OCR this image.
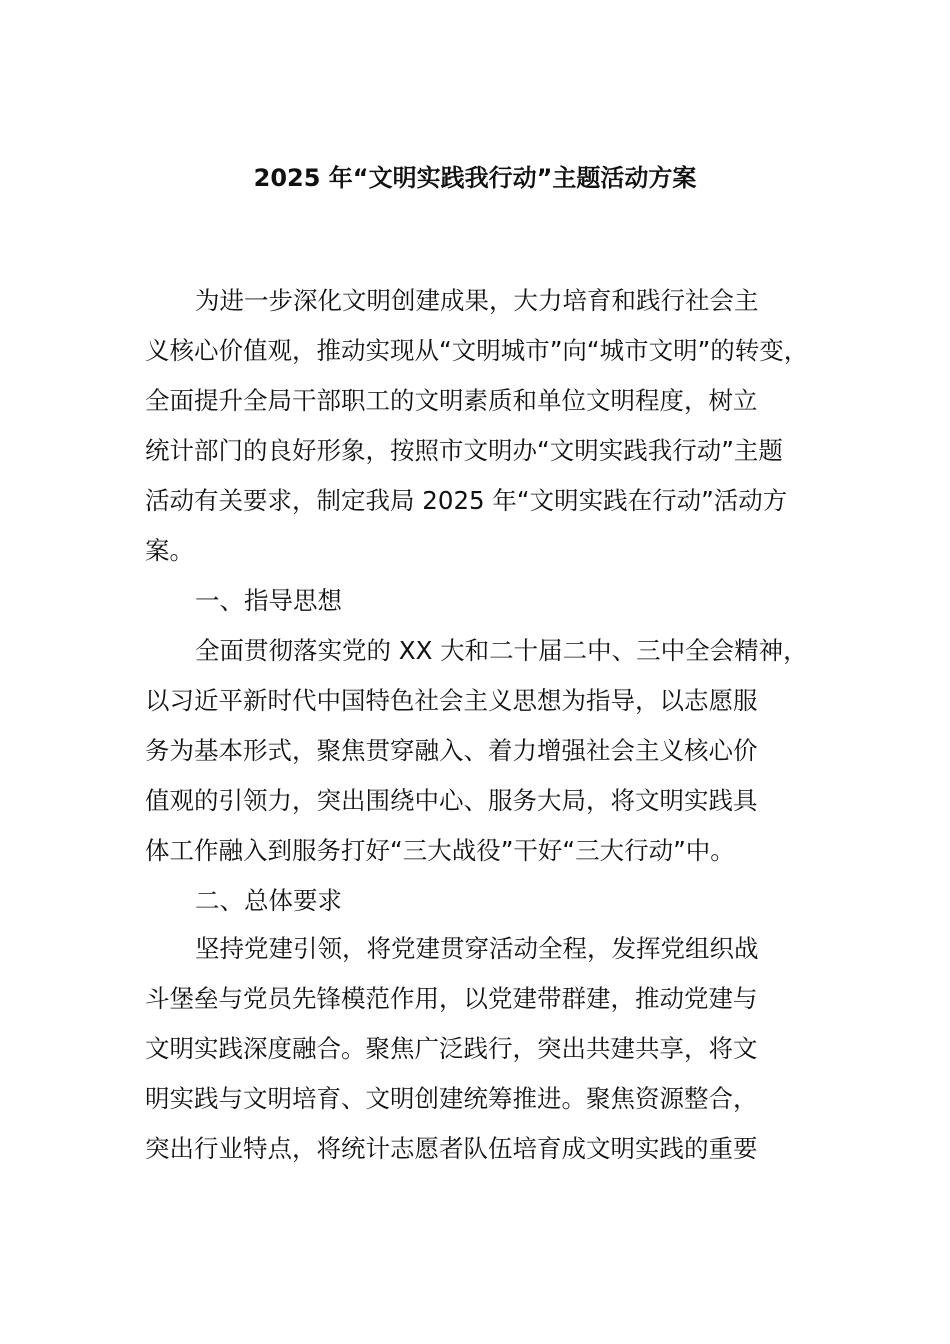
2025 年“文明实践我行动”主题活动方案
为进一步深化文明创建成果，大力培育和践行社会主
义核心价值观，推动实现从“文明城市”向“城市文明”的转变，
全面提升全局干部职工的文明素质和单位文明程度，树立
统计部门的良好形象，按照市文明办“文明实践我行动”主题
活动有关要求，制定我局 2025 年“文明实践在行动”活动方
案。
一、指导思想
全面贯彻落实党的 XX 大和二十届二中、三中全会精神，
以习近平新时代中国特色社会主义思想为指导，以志愿服
务为基本形式，聚焦贯穿融入、着力增强社会主义核心价
值观的引领力，突出围绕中心、服务大局，将文明实践具
体工作融入到服务打好“三大战役”干好“三大行动”中。
二、总体要求
坚持党建引领，将党建贯穿活动全程，发挥党组织战
斗堡垒与党员先锋模范作用，以党建带群建，推动党建与
文明实践深度融合。聚焦广泛践行，突出共建共享，将文
明实践与文明培育、文明创建统筹推进。聚焦资源整合，
突出行业特点，将统计志愿者队伍培育成文明实践的重要
